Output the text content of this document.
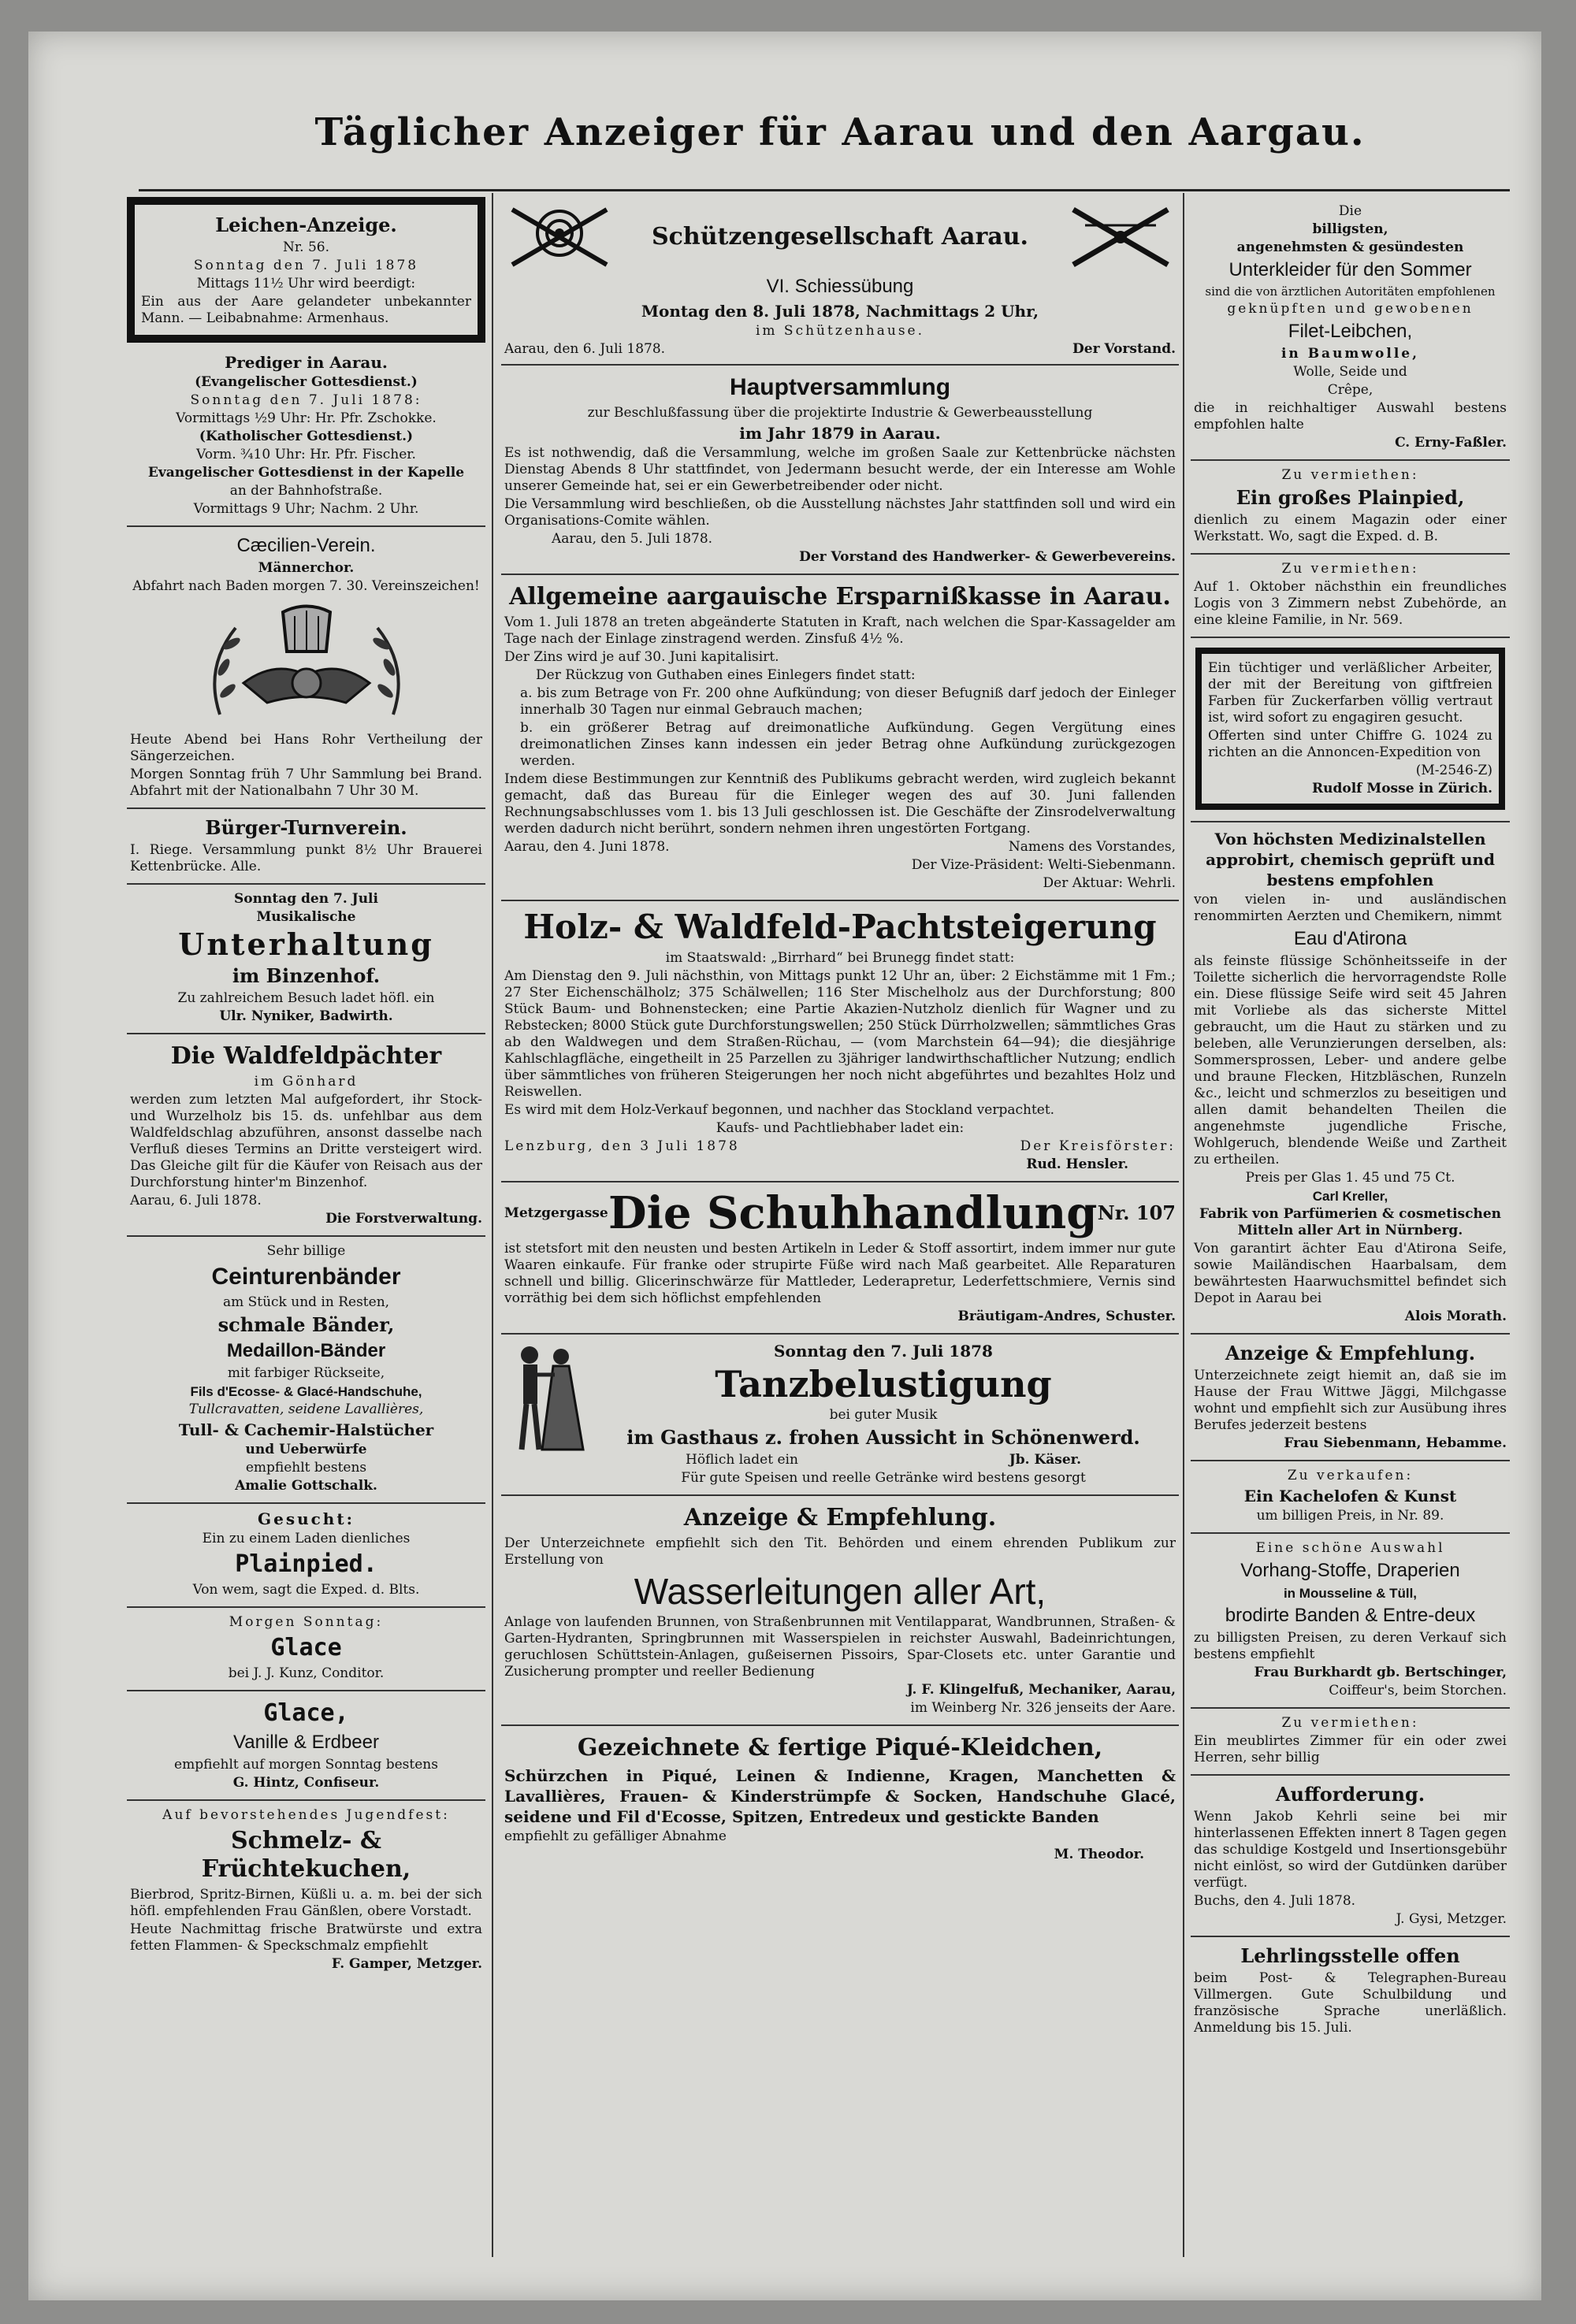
Täglicher Anzeiger für Aarau und den Aargau.
Leichen-Anzeige.

Nr. 56.

Sonntag den 7. Juli 1878

Mittags 11½ Uhr wird beerdigt:

Ein aus der Aare gelandeter unbekannter Mann. — Leibabnahme: Armenhaus.

Prediger in Aarau.

(Evangelischer Gottesdienst.)

Sonntag den 7. Juli 1878:

Vormittags ½9 Uhr: Hr. Pfr. Zschokke.

(Katholischer Gottesdienst.)

Vorm. ¾10 Uhr: Hr. Pfr. Fischer.

Evangelischer Gottesdienst in der Kapelle

an der Bahnhofstraße.

Vormittags 9 Uhr; Nachm. 2 Uhr.

Cæcilien-Verein.

Männerchor.

Abfahrt nach Baden morgen 7. 30. Vereinszeichen!

Heute Abend bei Hans Rohr Vertheilung der Sängerzeichen.

Morgen Sonntag früh 7 Uhr Sammlung bei Brand. Abfahrt mit der Nationalbahn 7 Uhr 30 M.

Bürger-Turnverein.

I. Riege. Versammlung punkt 8½ Uhr Brauerei Kettenbrücke. Alle.

Sonntag den 7. Juli

Musikalische

Unterhaltung
im Binzenhof.

Zu zahlreichem Besuch ladet höfl. ein

Ulr. Nyniker, Badwirth.

Die Waldfeldpächter

im Gönhard

werden zum letzten Mal aufgefordert, ihr Stock- und Wurzelholz bis 15. ds. unfehlbar aus dem Waldfeldschlag abzuführen, ansonst dasselbe nach Verfluß dieses Termins an Dritte versteigert wird. Das Gleiche gilt für die Käufer von Reisach aus der Durchforstung hinter'm Binzenhof.

Aarau, 6. Juli 1878.

Die Forstverwaltung.

Sehr billige

Ceinturenbänder

am Stück und in Resten,

schmale Bänder,
Medaillon-Bänder

mit farbiger Rückseite,

Fils d'Ecosse- & Glacé-Handschuhe,

Tullcravatten, seidene Lavallières,

Tull- & Cachemir-Halstücher

und Ueberwürfe

empfiehlt bestens

Amalie Gottschalk.

Gesucht:

Ein zu einem Laden dienliches

Plainpied.

Von wem, sagt die Exped. d. Blts.

Morgen Sonntag:

Glace

bei J. J. Kunz, Conditor.

Glace,
Vanille & Erdbeer

empfiehlt auf morgen Sonntag bestens

G. Hintz, Confiseur.

Auf bevorstehendes Jugendfest:

Schmelz- & Früchtekuchen,

Bierbrod, Spritz-Birnen, Küßli u. a. m. bei der sich höfl. empfehlenden Frau Gänßlen, obere Vorstadt.

Heute Nachmittag frische Bratwürste und extra fetten Flammen- & Speckschmalz empfiehlt

F. Gamper, Metzger.

Schützengesellschaft Aarau.
VI. Schiessübung

Montag den 8. Juli 1878, Nachmittags 2 Uhr,

im Schützenhause.

Aarau, den 6. Juli 1878.	Der Vorstand.
Hauptversammlung

zur Beschlußfassung über die projektirte Industrie & Gewerbeausstellung

im Jahr 1879 in Aarau.

Es ist nothwendig, daß die Versammlung, welche im großen Saale zur Kettenbrücke nächsten Dienstag Abends 8 Uhr stattfindet, von Jedermann besucht werde, der ein Interesse am Wohle unserer Gemeinde hat, sei er ein Gewerbetreibender oder nicht.

Die Versammlung wird beschließen, ob die Ausstellung nächstes Jahr stattfinden soll und wird ein Organisations-Comite wählen.

Aarau, den 5. Juli 1878.

Der Vorstand des Handwerker- & Gewerbevereins.

Allgemeine aargauische Ersparnißkasse in Aarau.

Vom 1. Juli 1878 an treten abgeänderte Statuten in Kraft, nach welchen die Spar-Kassagelder am Tage nach der Einlage zinstragend werden. Zinsfuß 4½ %.

Der Zins wird je auf 30. Juni kapitalisirt.

Der Rückzug von Guthaben eines Einlegers findet statt:

a. bis zum Betrage von Fr. 200 ohne Aufkündung; von dieser Befugniß darf jedoch der Einleger innerhalb 30 Tagen nur einmal Gebrauch machen;

b. ein größerer Betrag auf dreimonatliche Aufkündung. Gegen Vergütung eines dreimonatlichen Zinses kann indessen ein jeder Betrag ohne Aufkündung zurückgezogen werden.

Indem diese Bestimmungen zur Kenntniß des Publikums gebracht werden, wird zugleich bekannt gemacht, daß das Bureau für die Einleger wegen des auf 30. Juni fallenden Rechnungsabschlusses vom 1. bis 13 Juli geschlossen ist. Die Geschäfte der Zinsrodelverwaltung werden dadurch nicht berührt, sondern nehmen ihren ungestörten Fortgang.

Aarau, den 4. Juni 1878.	Namens des Vorstandes,

Der Vize-Präsident: Welti-Siebenmann.

Der Aktuar: Wehrli.

Holz- & Waldfeld-Pachtsteigerung

im Staatswald: „Birrhard“ bei Brunegg findet statt:

Am Dienstag den 9. Juli nächsthin, von Mittags punkt 12 Uhr an, über: 2 Eichstämme mit 1 Fm.; 27 Ster Eichenschälholz; 375 Schälwellen; 116 Ster Mischelholz aus der Durchforstung; 800 Stück Baum- und Bohnenstecken; eine Partie Akazien-Nutzholz dienlich für Wagner und zu Rebstecken; 8000 Stück gute Durchforstungswellen; 250 Stück Dürrholzwellen; sämmtliches Gras ab den Waldwegen und dem Straßen-Rüchau, — (vom Marchstein 64—94); die diesjährige Kahlschlagfläche, eingetheilt in 25 Parzellen zu 3jähriger landwirthschaftlicher Nutzung; endlich über sämmtliches von früheren Steigerungen her noch nicht abgeführtes und bezahltes Holz und Reiswellen.

Es wird mit dem Holz-Verkauf begonnen, und nachher das Stockland verpachtet.

Kaufs- und Pachtliebhaber ladet ein:

Lenzburg, den 3 Juli 1878	Der Kreisförster:

Rud. Hensler.

Metzgergasse Die Schuhhandlung Nr. 107

ist stetsfort mit den neusten und besten Artikeln in Leder & Stoff assortirt, indem immer nur gute Waaren einkaufe. Für franke oder strupirte Füße wird nach Maß gearbeitet. Alle Reparaturen schnell und billig. Glicerinschwärze für Mattleder, Lederapretur, Lederfettschmiere, Vernis sind vorräthig bei dem sich höflichst empfehlenden

Bräutigam-Andres, Schuster.

Sonntag den 7. Juli 1878

Tanzbelustigung

bei guter Musik

im Gasthaus z. frohen Aussicht in Schönenwerd.
Höflich ladet ein	Jb. Käser.

Für gute Speisen und reelle Getränke wird bestens gesorgt

Anzeige & Empfehlung.

Der Unterzeichnete empfiehlt sich den Tit. Behörden und einem ehrenden Publikum zur Erstellung von

Wasserleitungen aller Art,

Anlage von laufenden Brunnen, von Straßenbrunnen mit Ventilapparat, Wandbrunnen, Straßen- & Garten-Hydranten, Springbrunnen mit Wasserspielen in reichster Auswahl, Badeinrichtungen, geruchlosen Schüttstein-Anlagen, gußeisernen Pissoirs, Spar-Closets etc. unter Garantie und Zusicherung prompter und reeller Bedienung

J. F. Klingelfuß, Mechaniker, Aarau,

im Weinberg Nr. 326 jenseits der Aare.

Gezeichnete & fertige Piqué-Kleidchen,

Schürzchen in Piqué, Leinen & Indienne, Kragen, Manchetten & Lavallières, Frauen- & Kinderstrümpfe & Socken, Handschuhe Glacé, seidene und Fil d'Ecosse, Spitzen, Entredeux und gestickte Banden

empfiehlt zu gefälliger Abnahme

M. Theodor.

Die

billigsten,

angenehmsten & gesündesten

Unterkleider für den Sommer

sind die von ärztlichen Autoritäten empfohlenen

geknüpften und gewobenen

Filet-Leibchen,

in Baumwolle,

Wolle, Seide und

Crêpe,

die in reichhaltiger Auswahl bestens empfohlen halte

C. Erny-Faßler.

Zu vermiethen:

Ein großes Plainpied,

dienlich zu einem Magazin oder einer Werkstatt. Wo, sagt die Exped. d. B.

Zu vermiethen:

Auf 1. Oktober nächsthin ein freundliches Logis von 3 Zimmern nebst Zubehörde, an eine kleine Familie, in Nr. 569.

Ein tüchtiger und verläßlicher Arbeiter, der mit der Bereitung von giftfreien Farben für Zuckerfarben völlig vertraut ist, wird sofort zu engagiren gesucht.

Offerten sind unter Chiffre G. 1024 zu richten an die Annoncen-Expedition von

(M-2546-Z)

Rudolf Mosse in Zürich.

Von höchsten Medizinalstellen approbirt, chemisch geprüft und bestens empfohlen

von vielen in- und ausländischen renommirten Aerzten und Chemikern, nimmt

Eau d'Atirona

als feinste flüssige Schönheitsseife in der Toilette sicherlich die hervorragendste Rolle ein. Diese flüssige Seife wird seit 45 Jahren mit Vorliebe als das sicherste Mittel gebraucht, um die Haut zu stärken und zu beleben, alle Verunzierungen derselben, als: Sommersprossen, Leber- und andere gelbe und braune Flecken, Hitzbläschen, Runzeln &c., leicht und schmerzlos zu beseitigen und allen damit behandelten Theilen die angenehmste jugendliche Frische, Wohlgeruch, blendende Weiße und Zartheit zu ertheilen.

Preis per Glas 1. 45 und 75 Ct.

Carl Kreller,

Fabrik von Parfümerien & cosmetischen Mitteln aller Art in Nürnberg.

Von garantirt ächter Eau d'Atirona Seife, sowie Mailändischen Haarbalsam, dem bewährtesten Haarwuchsmittel befindet sich Depot in Aarau bei

Alois Morath.

Anzeige & Empfehlung.

Unterzeichnete zeigt hiemit an, daß sie im Hause der Frau Wittwe Jäggi, Milchgasse wohnt und empfiehlt sich zur Ausübung ihres Berufes jederzeit bestens

Frau Siebenmann, Hebamme.

Zu verkaufen:

Ein Kachelofen & Kunst

um billigen Preis, in Nr. 89.

Eine schöne Auswahl

Vorhang-Stoffe, Draperien

in Mousseline & Tüll,

brodirte Banden & Entre-deux

zu billigsten Preisen, zu deren Verkauf sich bestens empfiehlt

Frau Burkhardt gb. Bertschinger,

Coiffeur's, beim Storchen.

Zu vermiethen:

Ein meublirtes Zimmer für ein oder zwei Herren, sehr billig

Aufforderung.

Wenn Jakob Kehrli seine bei mir hinterlassenen Effekten innert 8 Tagen gegen das schuldige Kostgeld und Insertionsgebühr nicht einlöst, so wird der Gutdünken darüber verfügt.

Buchs, den 4. Juli 1878.

J. Gysi, Metzger.

Lehrlingsstelle offen

beim Post- & Telegraphen-Bureau Villmergen. Gute Schulbildung und französische Sprache unerläßlich. Anmeldung bis 15. Juli.
